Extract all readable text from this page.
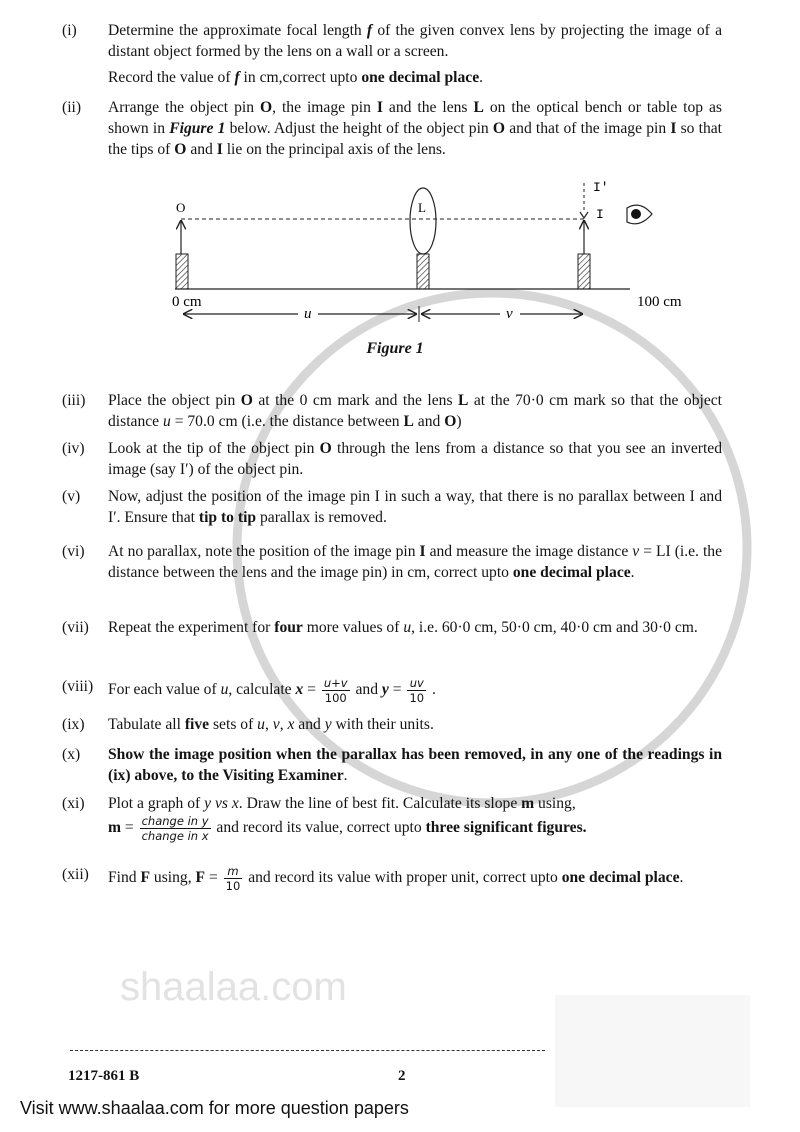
shaalaa.com
(i)	Determine the approximate focal length f of the given convex lens by projecting the image of a distant object formed by the lens on a wall or a screen.
Record the value of f in cm,correct upto one decimal place.
(ii)	Arrange the object pin O, the image pin I and the lens L on the optical bench or table top as shown in Figure 1 below. Adjust the height of the object pin O and that of the image pin I so that the tips of O and I lie on the principal axis of the lens.
(iii)	Place the object pin O at the 0 cm mark and the lens L at the 70·0 cm mark so that the object distance u = 70.0 cm (i.e. the distance between L and O)
(iv)	Look at the tip of the object pin O through the lens from a distance so that you see an inverted image (say I′) of the object pin.
(v)	Now, adjust the position of the image pin I in such a way, that there is no parallax between I and I′. Ensure that tip to tip parallax is removed.
(vi)	At no parallax, note the position of the image pin I and measure the image distance v = LI (i.e. the distance between the lens and the image pin) in cm, correct upto one decimal place.
(vii)	Repeat the experiment for four more values of u, i.e. 60·0 cm, 50·0 cm, 40·0 cm and 30·0 cm.
(viii) For each value of u, calculate $x = \frac{u+v}{100}$ and $y = \frac{uv}{10}$ .
(ix)	Tabulate all five sets of u, v, x and y with their units.
(x)	Show the image position when the parallax has been removed, in any one of the readings in (ix) above, to the Visiting Examiner.
(xi)	Plot a graph of y vs x. Draw the line of best fit. Calculate its slope m using,
$m = \frac{\text{change in y}}{\text{change in x}}$ and record its value, correct upto three significant figures.
(xii)	Find F using, $F = \frac{m}{10}$ and record its value with proper unit, correct upto one decimal place.
O	L
I′
I
0 cm	100 cm
u	v
Figure 1
2
1217-861 B
Visit www.shaalaa.com for more question papers
